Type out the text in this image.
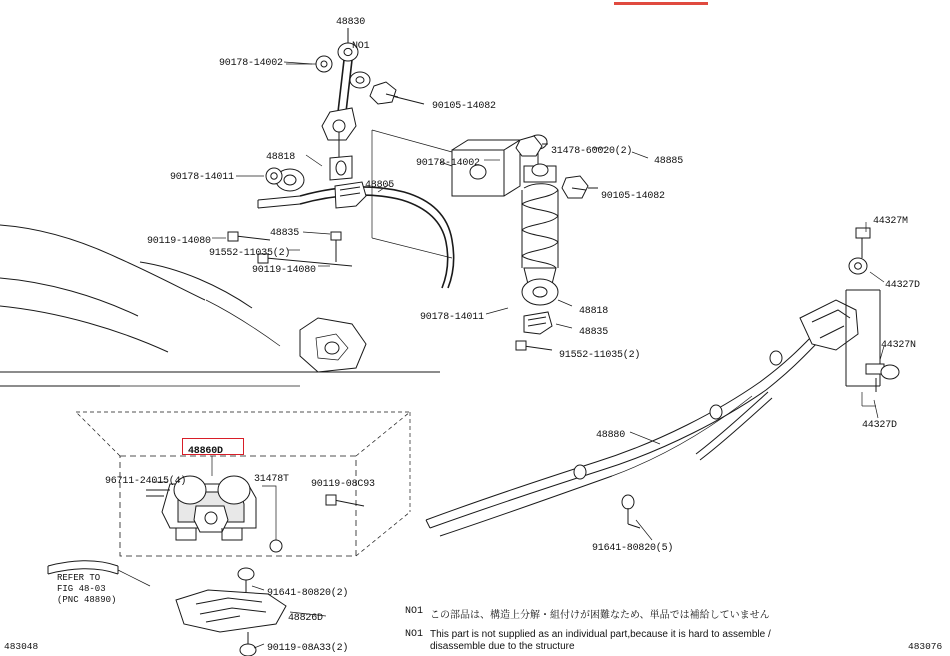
48830
NO1
90178-14002
90105-14082
31478-60020(2)
48885
90178-14002
48818
90178-14011
48805
90105-14082
44327M
90119-14080
48835
91552-11035(2)
90119-14080
44327D
48818
90178-14011
48835
44327N
91552-11035(2)
44327D
48880
48860D
96711-24015(4)	31478T 90119-08C93
91641-80820(5)
91641-80820(2)
48826D
90119-08A33(2)
REFER TO
FIG 48-03
(PNC 48890)
NO1 この部品は、構造上分解・組付けが困難なため、単品では補給していません
NO1 This part is not supplied as an individual part,because it is hard to assemble /
disassemble due to the structure
483048	483076
